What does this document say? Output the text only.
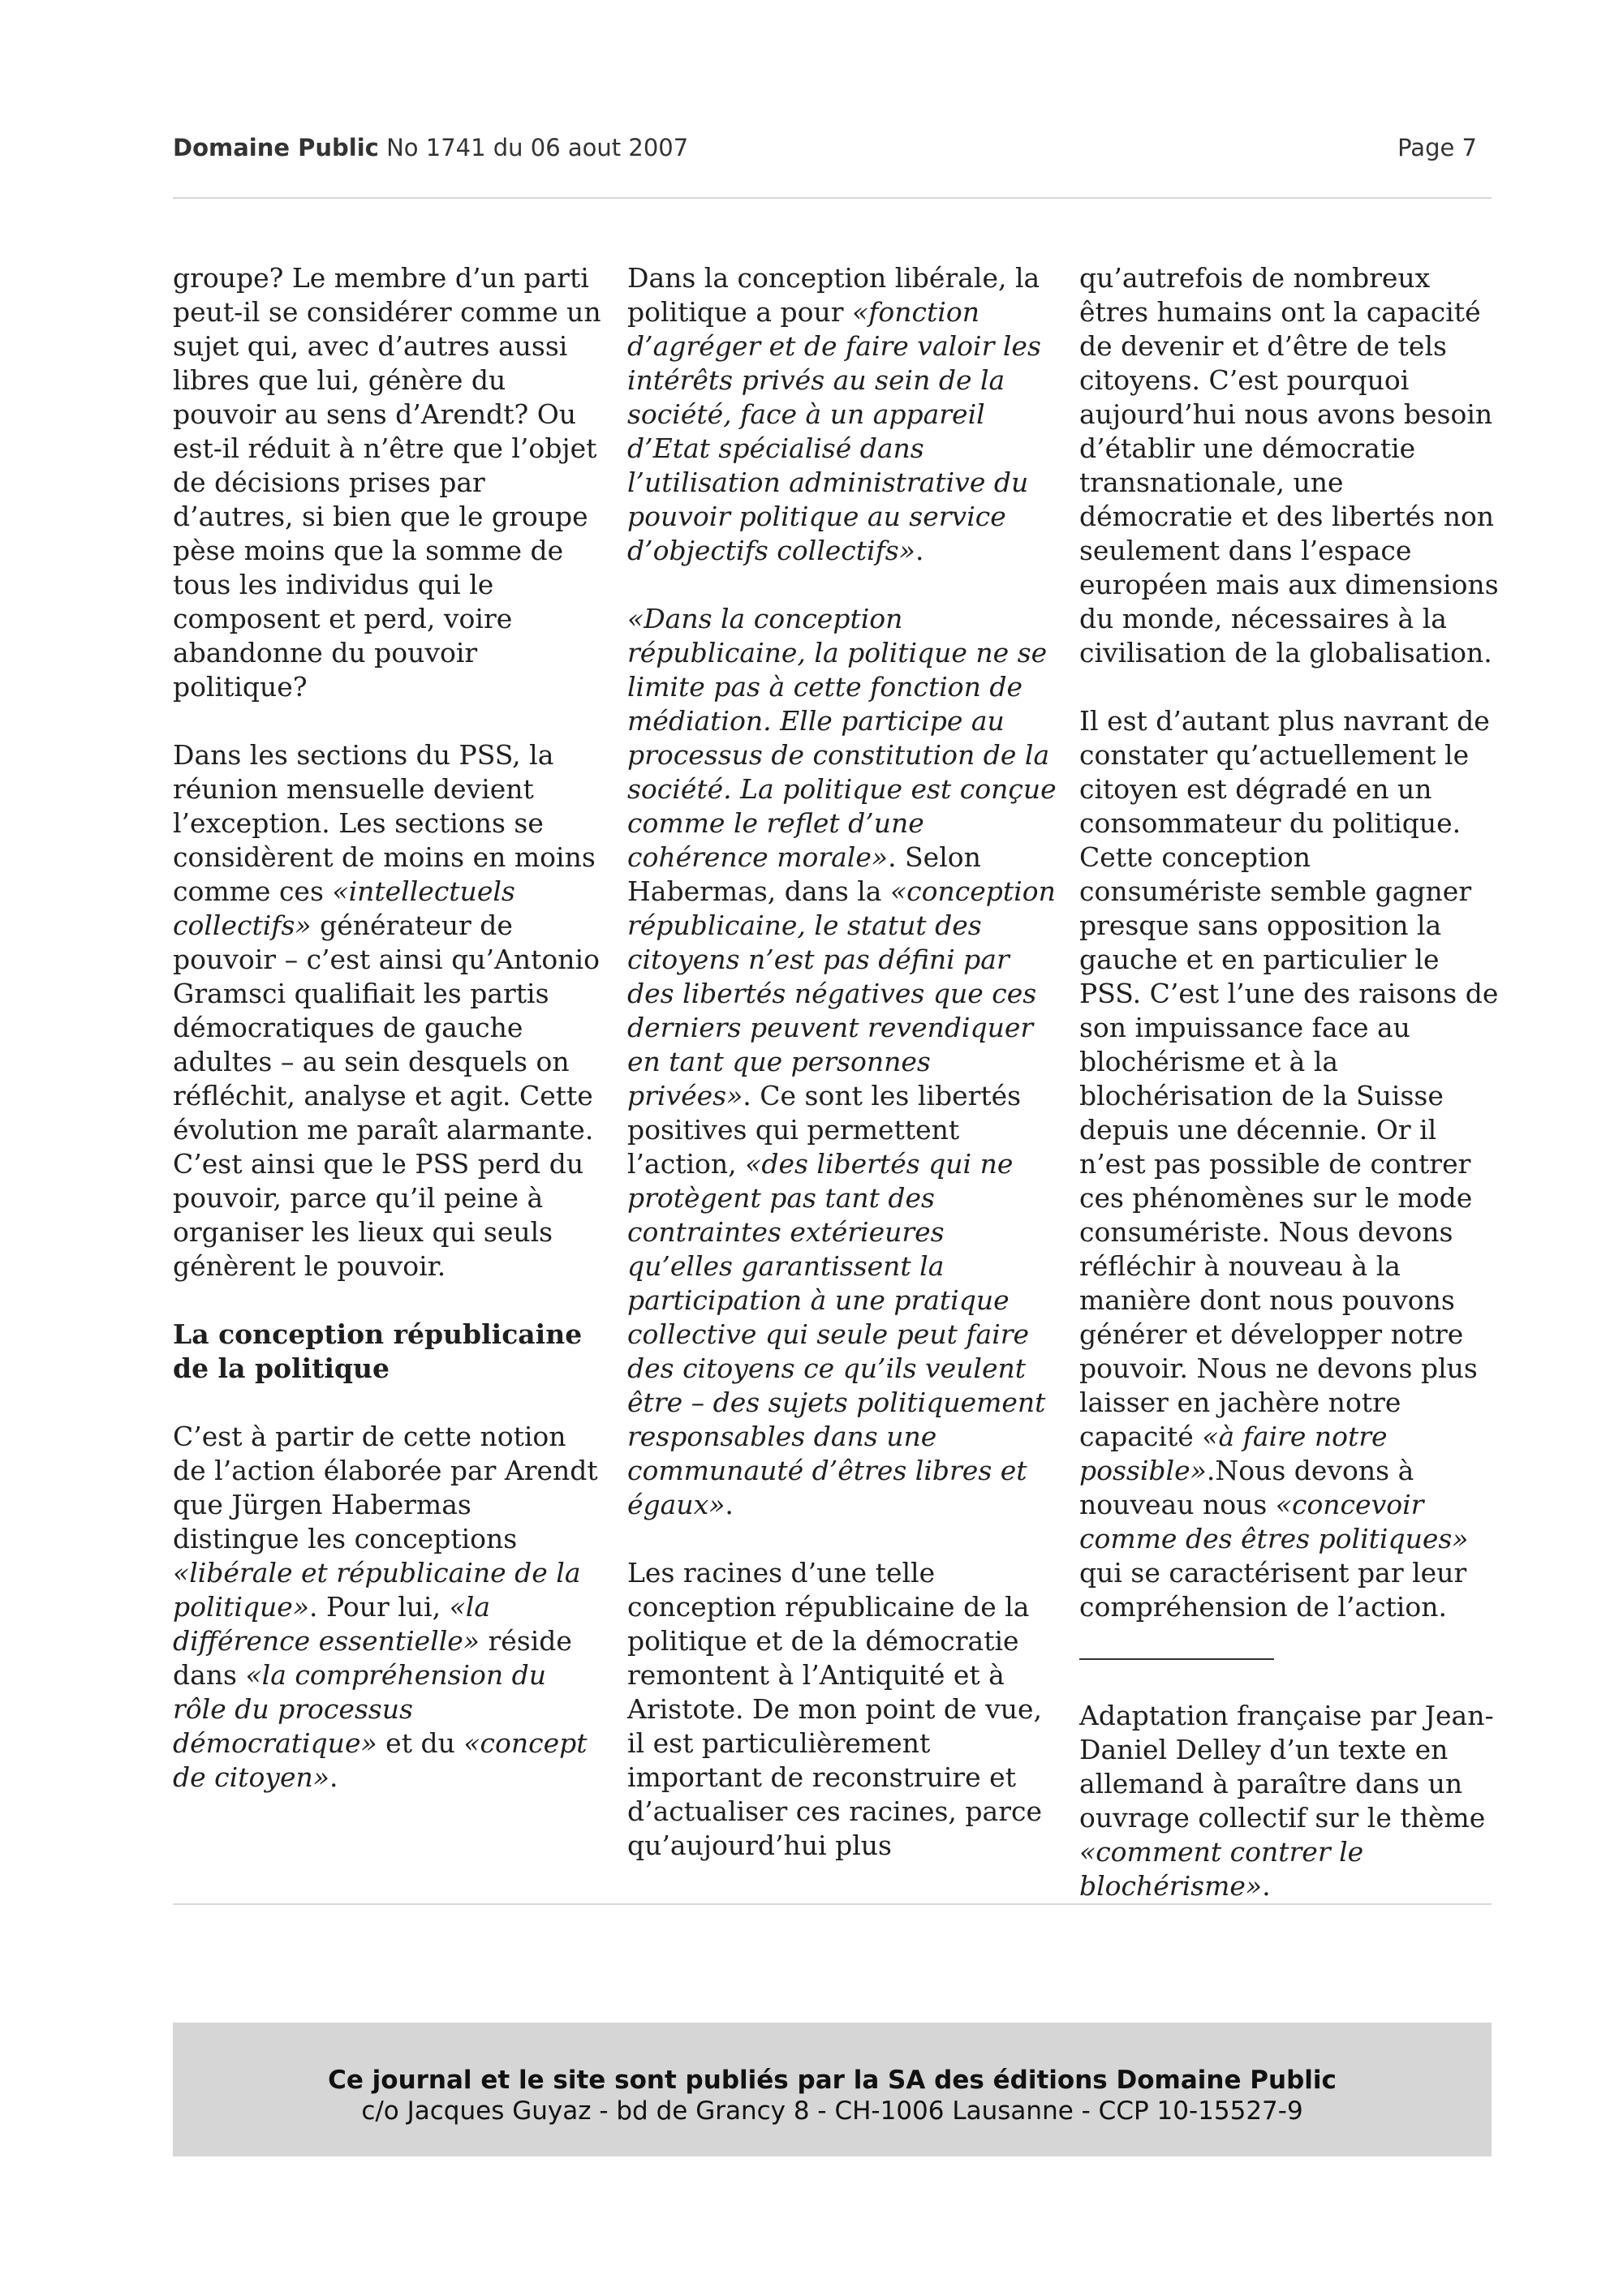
Domaine Public No 1741 du 06 aout 2007	Page 7

groupe? Le membre d’un parti peut-il se considérer comme un sujet qui, avec d’autres aussi libres que lui, génère du pouvoir au sens d’Arendt? Ou est-il réduit à n’être que l’objet de décisions prises par d’autres, si bien que le groupe pèse moins que la somme de tous les individus qui le composent et perd, voire abandonne du pouvoir politique?

Dans les sections du PSS, la réunion mensuelle devient l’exception. Les sections se considèrent de moins en moins comme ces «intellectuels collectifs» générateur de pouvoir – c’est ainsi qu’Antonio Gramsci qualifiait les partis démocratiques de gauche adultes – au sein desquels on réfléchit, analyse et agit. Cette évolution me paraît alarmante. C’est ainsi que le PSS perd du pouvoir, parce qu’il peine à organiser les lieux qui seuls génèrent le pouvoir.

La conception républicaine de la politique

C’est à partir de cette notion de l’action élaborée par Arendt que Jürgen Habermas distingue les conceptions «libérale et républicaine de la politique». Pour lui, «la différence essentielle» réside dans «la compréhension du rôle du processus démocratique» et du «concept de citoyen».

Dans la conception libérale, la politique a pour «fonction d’agréger et de faire valoir les intérêts privés au sein de la société, face à un appareil d’Etat spécialisé dans l’utilisation administrative du pouvoir politique au service d’objectifs collectifs».

«Dans la conception républicaine, la politique ne se limite pas à cette fonction de médiation. Elle participe au processus de constitution de la société. La politique est conçue comme le reflet d’une cohérence morale». Selon Habermas, dans la «conception républicaine, le statut des citoyens n’est pas défini par des libertés négatives que ces derniers peuvent revendiquer en tant que personnes privées». Ce sont les libertés positives qui permettent l’action, «des libertés qui ne protègent pas tant des contraintes extérieures qu’elles garantissent la participation à une pratique collective qui seule peut faire des citoyens ce qu’ils veulent être – des sujets politiquement responsables dans une communauté d’êtres libres et égaux».

Les racines d’une telle conception républicaine de la politique et de la démocratie remontent à l’Antiquité et à Aristote. De mon point de vue, il est particulièrement important de reconstruire et d’actualiser ces racines, parce qu’aujourd’hui plus

qu’autrefois de nombreux êtres humains ont la capacité de devenir et d’être de tels citoyens. C’est pourquoi aujourd’hui nous avons besoin d’établir une démocratie transnationale, une démocratie et des libertés non seulement dans l’espace européen mais aux dimensions du monde, nécessaires à la civilisation de la globalisation.

Il est d’autant plus navrant de constater qu’actuellement le citoyen est dégradé en un consommateur du politique. Cette conception consumériste semble gagner presque sans opposition la gauche et en particulier le PSS. C’est l’une des raisons de son impuissance face au blochérisme et à la blochérisation de la Suisse depuis une décennie. Or il n’est pas possible de contrer ces phénomènes sur le mode consumériste. Nous devons réfléchir à nouveau à la manière dont nous pouvons générer et développer notre pouvoir. Nous ne devons plus laisser en jachère notre capacité «à faire notre possible».Nous devons à nouveau nous «concevoir comme des êtres politiques» qui se caractérisent par leur compréhension de l’action.

Adaptation française par Jean-Daniel Delley d’un texte en allemand à paraître dans un ouvrage collectif sur le thème «comment contrer le blochérisme».

Ce journal et le site sont publiés par la SA des éditions Domaine Public
c/o Jacques Guyaz - bd de Grancy 8 - CH-1006 Lausanne - CCP 10-15527-9
